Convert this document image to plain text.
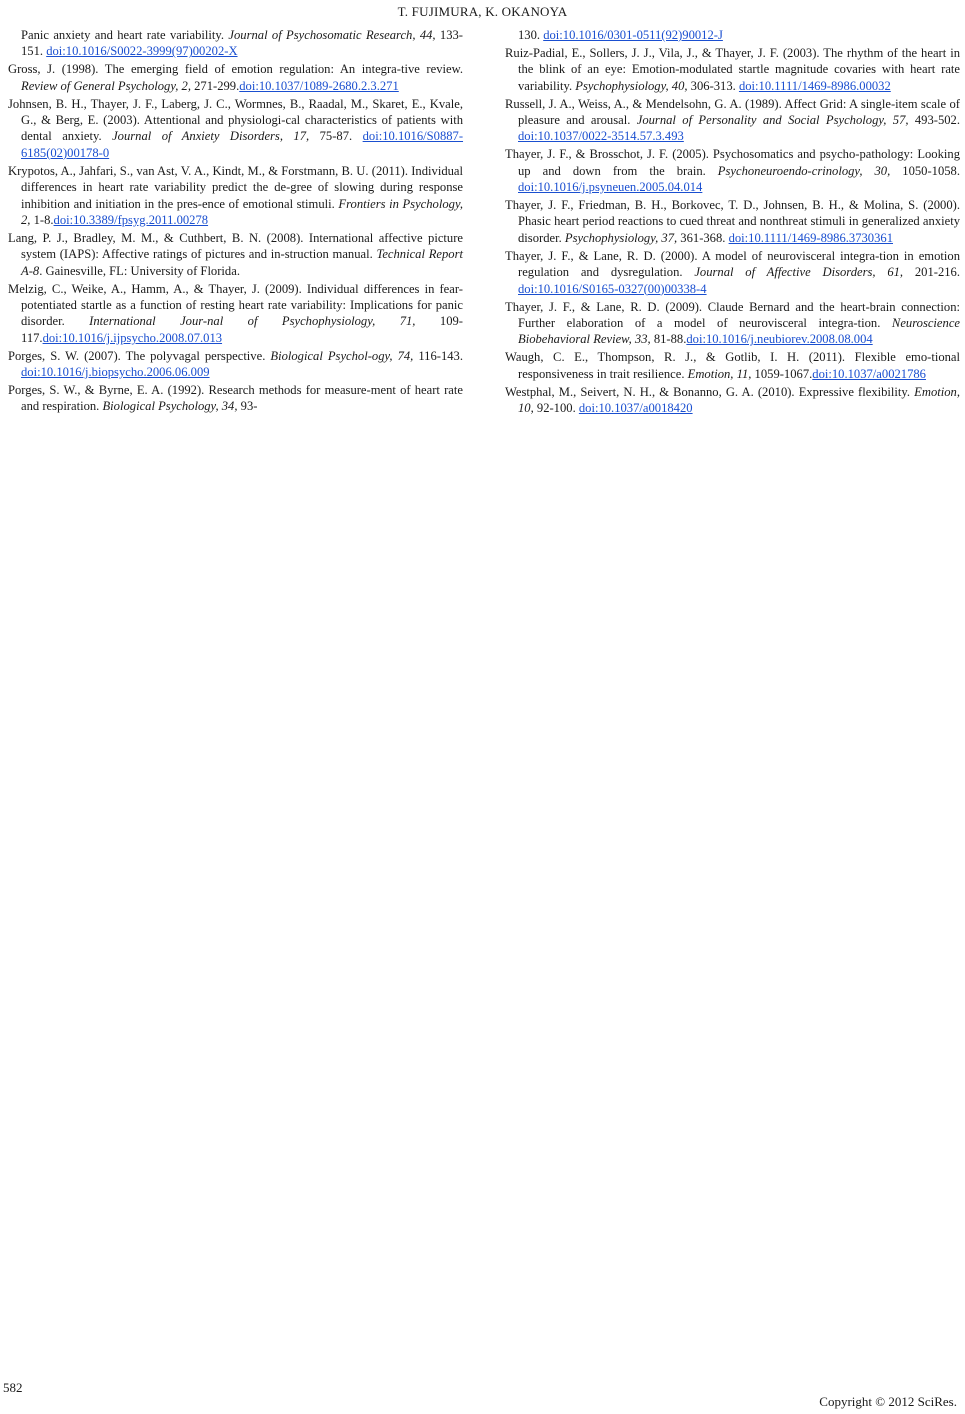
T. FUJIMURA, K. OKANOYA

Panic anxiety and heart rate variability. Journal of Psychosomatic Research, 44, 133-151. doi:10.1016/S0022-3999(97)00202-X

Gross, J. (1998). The emerging field of emotion regulation: An integra-tive review. Review of General Psychology, 2, 271-299.doi:10.1037/1089-2680.2.3.271

Johnsen, B. H., Thayer, J. F., Laberg, J. C., Wormnes, B., Raadal, M., Skaret, E., Kvale, G., & Berg, E. (2003). Attentional and physiologi-cal characteristics of patients with dental anxiety. Journal of Anxiety Disorders, 17, 75-87. doi:10.1016/S0887-6185(02)00178-0

Krypotos, A., Jahfari, S., van Ast, V. A., Kindt, M., & Forstmann, B. U. (2011). Individual differences in heart rate variability predict the de-gree of slowing during response inhibition and initiation in the pres-ence of emotional stimuli. Frontiers in Psychology, 2, 1-8.doi:10.3389/fpsyg.2011.00278

Lang, P. J., Bradley, M. M., & Cuthbert, B. N. (2008). International affective picture system (IAPS): Affective ratings of pictures and in-struction manual. Technical Report A-8. Gainesville, FL: University of Florida.

Melzig, C., Weike, A., Hamm, A., & Thayer, J. (2009). Individual differences in fear-potentiated startle as a function of resting heart rate variability: Implications for panic disorder. International Jour-nal of Psychophysiology, 71, 109-117.doi:10.1016/j.ijpsycho.2008.07.013

Porges, S. W. (2007). The polyvagal perspective. Biological Psychol-ogy, 74, 116-143. doi:10.1016/j.biopsycho.2006.06.009

Porges, S. W., & Byrne, E. A. (1992). Research methods for measure-ment of heart rate and respiration. Biological Psychology, 34, 93-

130. doi:10.1016/0301-0511(92)90012-J

Ruiz-Padial, E., Sollers, J. J., Vila, J., & Thayer, J. F. (2003). The rhythm of the heart in the blink of an eye: Emotion-modulated startle magnitude covaries with heart rate variability. Psychophysiology, 40, 306-313. doi:10.1111/1469-8986.00032

Russell, J. A., Weiss, A., & Mendelsohn, G. A. (1989). Affect Grid: A single-item scale of pleasure and arousal. Journal of Personality and Social Psychology, 57, 493-502. doi:10.1037/0022-3514.57.3.493

Thayer, J. F., & Brosschot, J. F. (2005). Psychosomatics and psycho-pathology: Looking up and down from the brain. Psychoneuroendo-crinology, 30, 1050-1058. doi:10.1016/j.psyneuen.2005.04.014

Thayer, J. F., Friedman, B. H., Borkovec, T. D., Johnsen, B. H., & Molina, S. (2000). Phasic heart period reactions to cued threat and nonthreat stimuli in generalized anxiety disorder. Psychophysiology, 37, 361-368. doi:10.1111/1469-8986.3730361

Thayer, J. F., & Lane, R. D. (2000). A model of neurovisceral integra-tion in emotion regulation and dysregulation. Journal of Affective Disorders, 61, 201-216. doi:10.1016/S0165-0327(00)00338-4

Thayer, J. F., & Lane, R. D. (2009). Claude Bernard and the heart-brain connection: Further elaboration of a model of neurovisceral integra-tion. Neuroscience Biobehavioral Review, 33, 81-88.doi:10.1016/j.neubiorev.2008.08.004

Waugh, C. E., Thompson, R. J., & Gotlib, I. H. (2011). Flexible emo-tional responsiveness in trait resilience. Emotion, 11, 1059-1067.doi:10.1037/a0021786

Westphal, M., Seivert, N. H., & Bonanno, G. A. (2010). Expressive flexibility. Emotion, 10, 92-100. doi:10.1037/a0018420

582
Copyright © 2012 SciRes.
